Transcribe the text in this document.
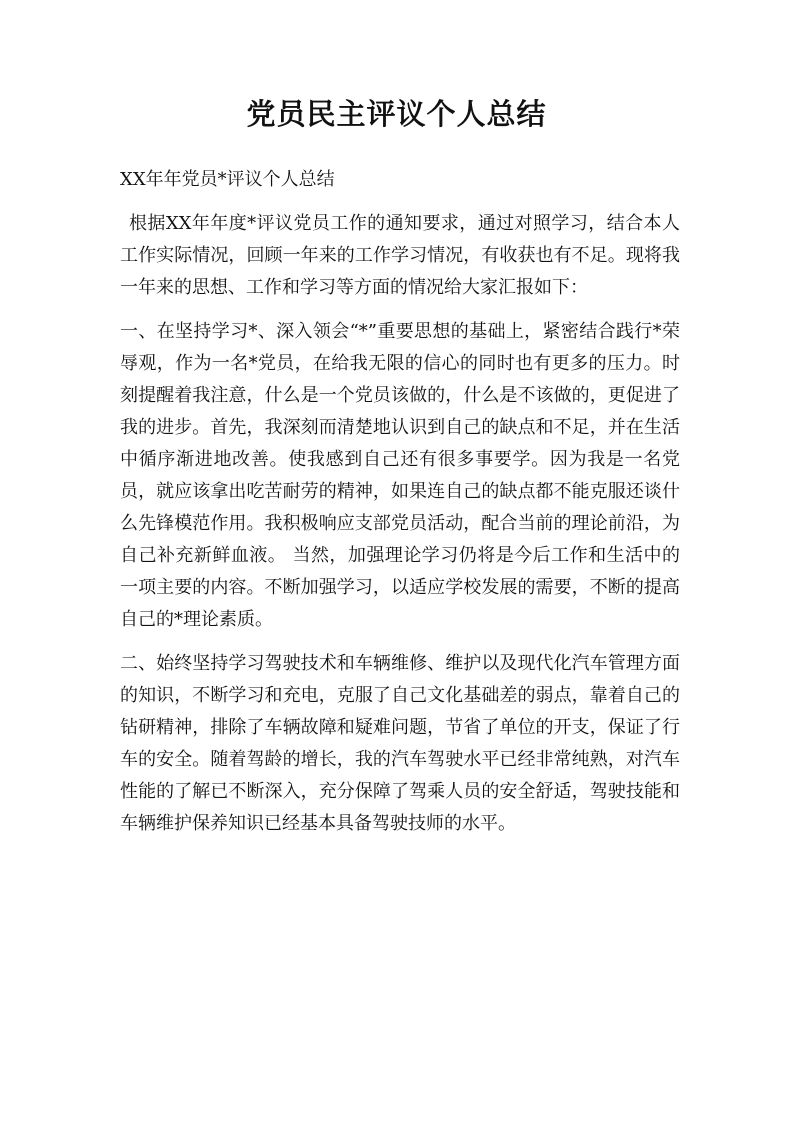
党员民主评议个人总结

XX年年党员*评议个人总结

根据XX年年度*评议党员工作的通知要求，通过对照学习，结合本人工作实际情况，回顾一年来的工作学习情况，有收获也有不足。现将我一年来的思想、工作和学习等方面的情况给大家汇报如下：

一、在坚持学习*、深入领会“*”重要思想的基础上，紧密结合践行*荣辱观，作为一名*党员，在给我无限的信心的同时也有更多的压力。时刻提醒着我注意，什么是一个党员该做的，什么是不该做的，更促进了我的进步。首先，我深刻而清楚地认识到自己的缺点和不足，并在生活中循序渐进地改善。使我感到自己还有很多事要学。因为我是一名党员，就应该拿出吃苦耐劳的精神，如果连自己的缺点都不能克服还谈什么先锋模范作用。我积极响应支部党员活动，配合当前的理论前沿，为自己补充新鲜血液。 当然，加强理论学习仍将是今后工作和生活中的一项主要的内容。不断加强学习，以适应学校发展的需要，不断的提高自己的*理论素质。

二、始终坚持学习驾驶技术和车辆维修、维护以及现代化汽车管理方面的知识，不断学习和充电，克服了自己文化基础差的弱点，靠着自己的钻研精神，排除了车辆故障和疑难问题，节省了单位的开支，保证了行车的安全。随着驾龄的增长，我的汽车驾驶水平已经非常纯熟，对汽车性能的了解已不断深入，充分保障了驾乘人员的安全舒适，驾驶技能和车辆维护保养知识已经基本具备驾驶技师的水平。
